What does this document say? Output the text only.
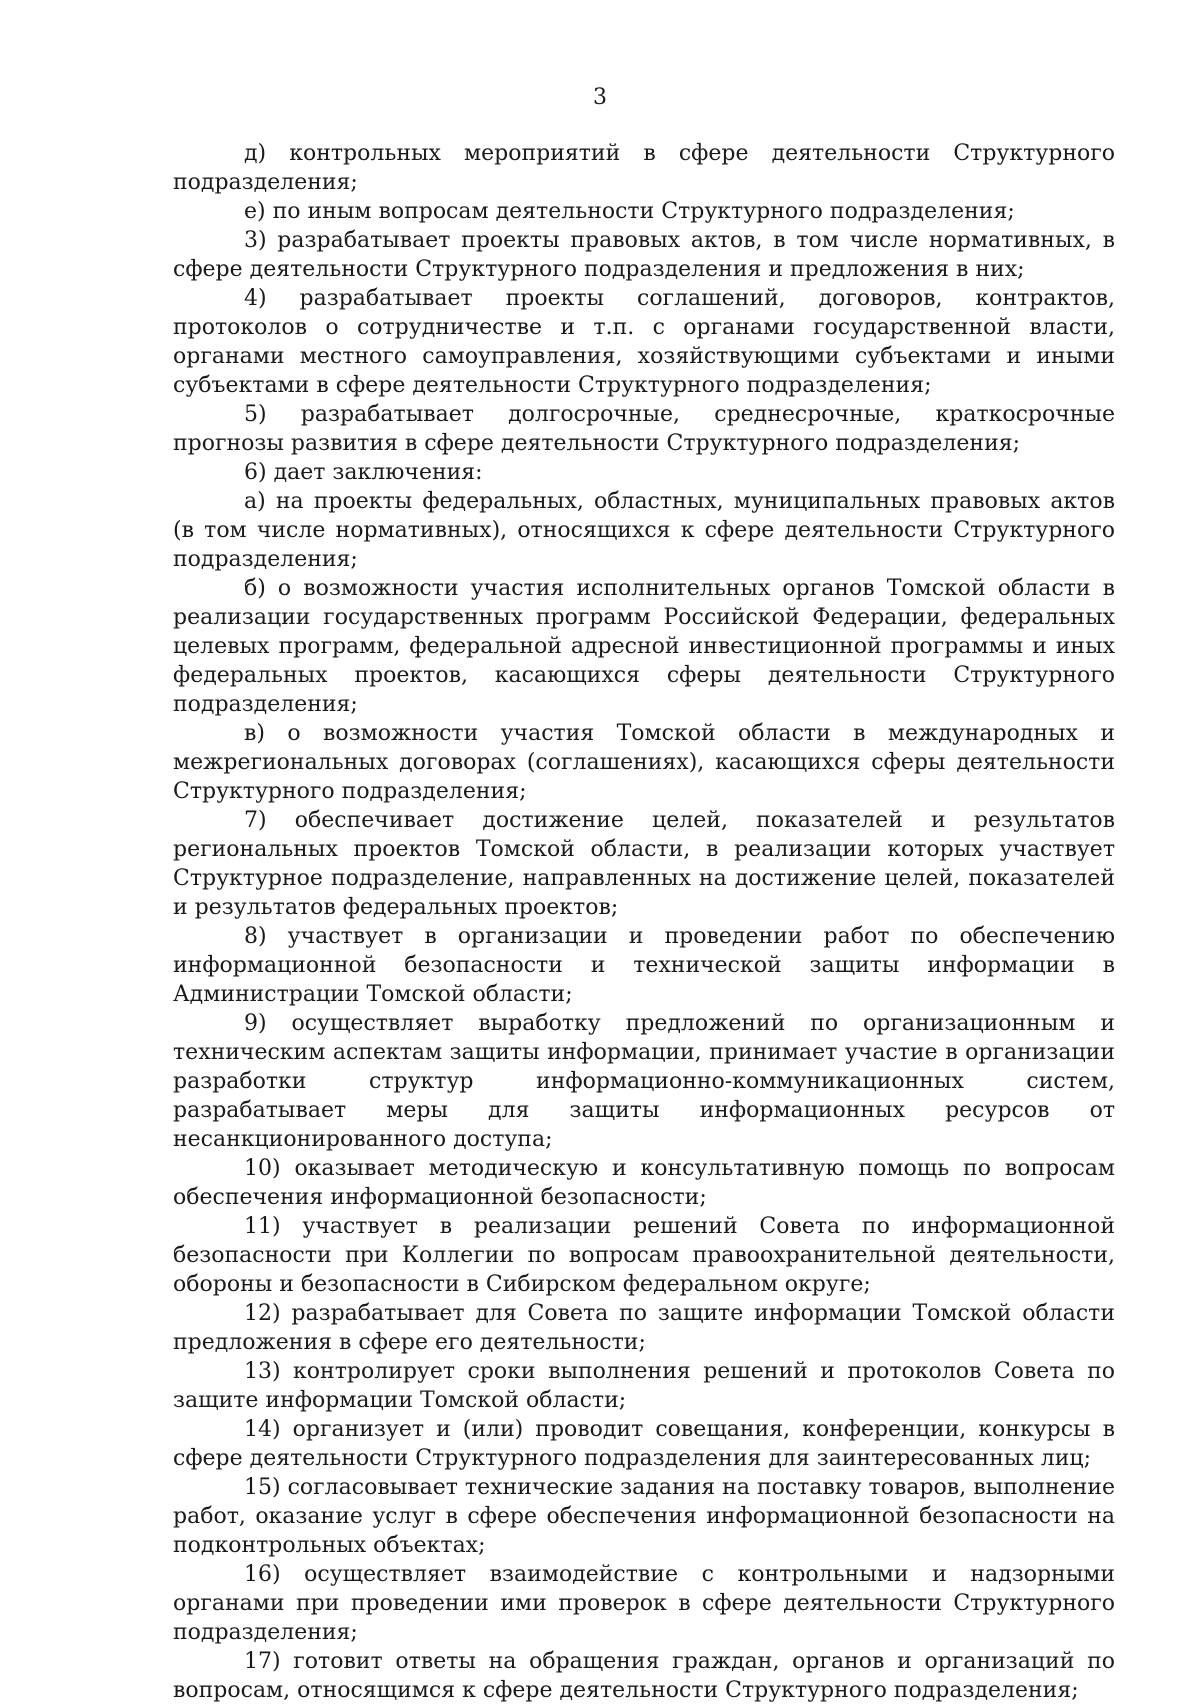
3

д) контрольных мероприятий в сфере деятельности Структурного подразделения;

е) по иным вопросам деятельности Структурного подразделения;

3) разрабатывает проекты правовых актов, в том числе нормативных, в сфере деятельности Структурного подразделения и предложения в них;

4) разрабатывает проекты соглашений, договоров, контрактов, протоколов о сотрудничестве и т.п. с органами государственной власти, органами местного самоуправления, хозяйствующими субъектами и иными субъектами в сфере деятельности Структурного подразделения;

5) разрабатывает долгосрочные, среднесрочные, краткосрочные прогнозы развития в сфере деятельности Структурного подразделения;

6) дает заключения:

а) на проекты федеральных, областных, муниципальных правовых актов (в том числе нормативных), относящихся к сфере деятельности Структурного подразделения;

б) о возможности участия исполнительных органов Томской области в реализации государственных программ Российской Федерации, федеральных целевых программ, федеральной адресной инвестиционной программы и иных федеральных проектов, касающихся сферы деятельности Структурного подразделения;

в) о возможности участия Томской области в международных и межрегиональных договорах (соглашениях), касающихся сферы деятельности Структурного подразделения;

7) обеспечивает достижение целей, показателей и результатов региональных проектов Томской области, в реализации которых участвует Структурное подразделение, направленных на достижение целей, показателей и результатов федеральных проектов;

8) участвует в организации и проведении работ по обеспечению информационной безопасности и технической защиты информации в Администрации Томской области;

9) осуществляет выработку предложений по организационным и техническим аспектам защиты информации, принимает участие в организации разработки структур информационно-коммуникационных систем, разрабатывает меры для защиты информационных ресурсов от несанкционированного доступа;

10) оказывает методическую и консультативную помощь по вопросам обеспечения информационной безопасности;

11) участвует в реализации решений Совета по информационной безопасности при Коллегии по вопросам правоохранительной деятельности, обороны и безопасности в Сибирском федеральном округе;

12) разрабатывает для Совета по защите информации Томской области предложения в сфере его деятельности;

13) контролирует сроки выполнения решений и протоколов Совета по защите информации Томской области;

14) организует и (или) проводит совещания, конференции, конкурсы в сфере деятельности Структурного подразделения для заинтересованных лиц;

15) согласовывает технические задания на поставку товаров, выполнение работ, оказание услуг в сфере обеспечения информационной безопасности на подконтрольных объектах;

16) осуществляет взаимодействие с контрольными и надзорными органами при проведении ими проверок в сфере деятельности Структурного подразделения;

17) готовит ответы на обращения граждан, органов и организаций по вопросам, относящимся к сфере деятельности Структурного подразделения;
